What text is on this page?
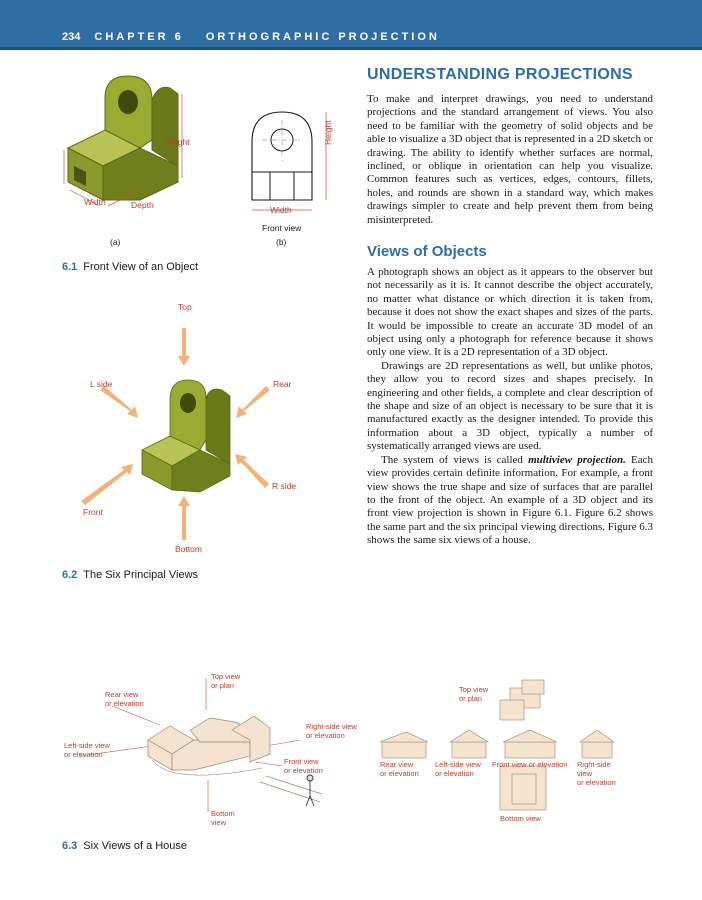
234 CHAPTER 6 ORTHOGRAPHIC PROJECTION
UNDERSTANDING PROJECTIONS

To make and interpret drawings, you need to understand projections and the standard arrangement of views. You also need to be familiar with the geometry of solid objects and be able to visualize a 3D object that is represented in a 2D sketch or drawing. The ability to identify whether surfaces are normal, inclined, or oblique in orientation can help you visualize. Common features such as vertices, edges, contours, fillets, holes, and rounds are shown in a standard way, which makes drawings simpler to create and help prevent them from being misinterpreted.

Views of Objects

A photograph shows an object as it appears to the observer but not necessarily as it is. It cannot describe the object accurately, no matter what distance or which direction it is taken from, because it does not show the exact shapes and sizes of the parts. It would be impossible to create an accurate 3D model of an object using only a photograph for reference because it shows only one view. It is a 2D representation of a 3D object.

Drawings are 2D representations as well, but unlike photos, they allow you to record sizes and shapes precisely. In engineering and other fields, a complete and clear description of the shape and size of an object is necessary to be sure that it is manufactured exactly as the designer intended. To provide this information about a 3D object, typically a number of systematically arranged views are used.

The system of views is called multiview projection. Each view provides certain definite information. For example, a front view shows the true shape and size of surfaces that are parallel to the front of the object. An example of a 3D object and its front view projection is shown in Figure 6.1. Figure 6.2 shows the same part and the six principal viewing directions. Figure 6.3 shows the same six views of a house.

Height
Width	Depth
(a)
Height
Width
Front view
(b)
6.1 Front View of an Object
Top
L side	Rear
R side
Front
Bottom
6.2 The Six Principal Views
Top view
or plan
Rear view
or elevation
Right-side view
or elevation
Left-side view
or elevation
Front view
or elevation
Bottom
view
Top view
or plan
Rear view
or elevation
Left-side view
or elevation
Front view or elevation Right-side
view
or elevation
Bottom view
6.3 Six Views of a House
